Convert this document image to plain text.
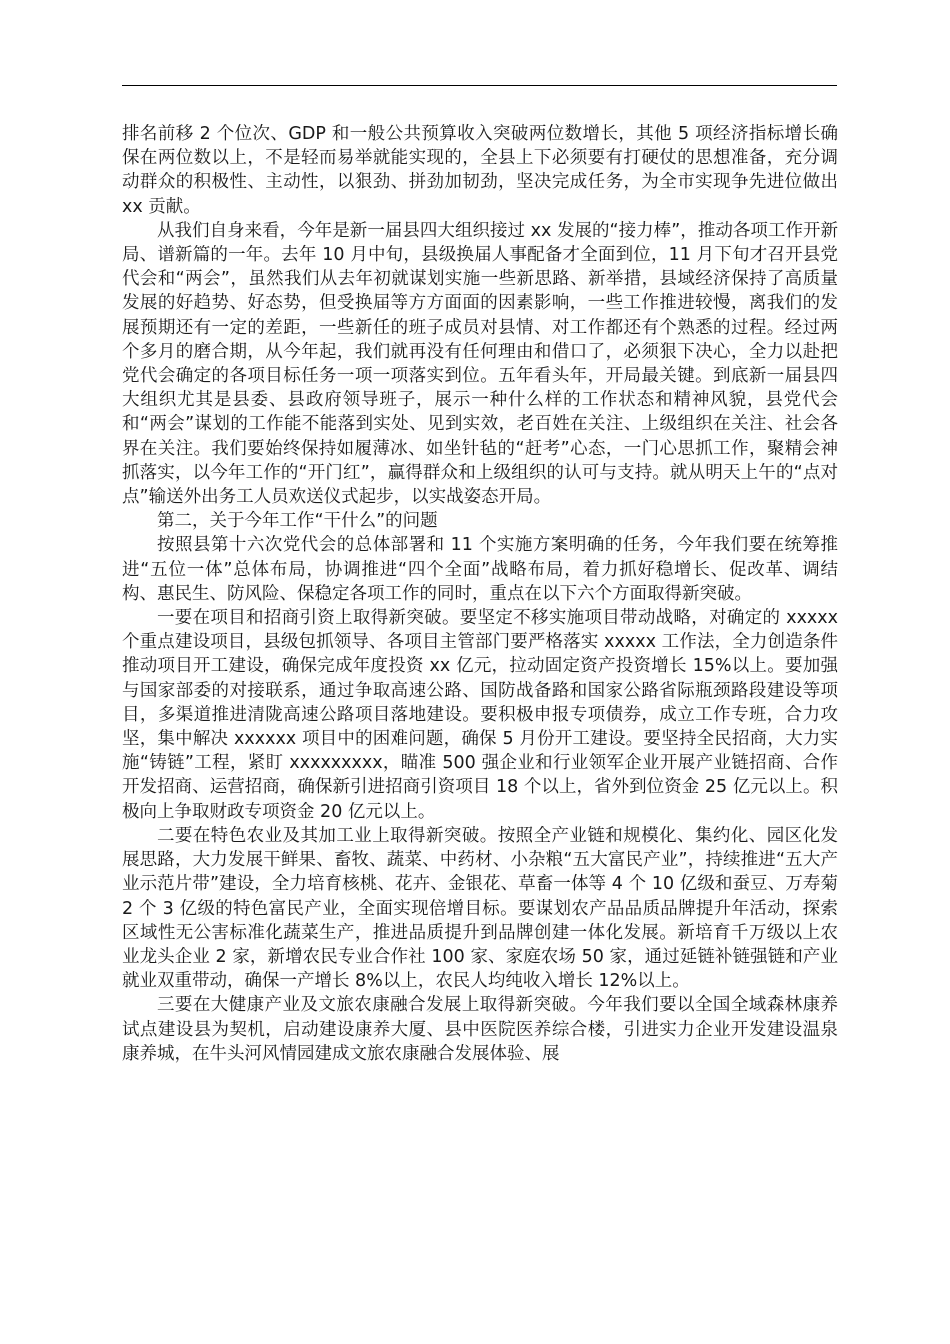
排名前移 2 个位次、GDP 和一般公共预算收入突破两位数增长，其他 5 项经济指标增长确保在两位数以上，不是轻而易举就能实现的，全县上下必须要有打硬仗的思想准备，充分调动群众的积极性、主动性，以狠劲、拼劲加韧劲，坚决完成任务，为全市实现争先进位做出 xx 贡献。

从我们自身来看，今年是新一届县四大组织接过 xx 发展的“接力棒”，推动各项工作开新局、谱新篇的一年。去年 10 月中旬，县级换届人事配备才全面到位，11 月下旬才召开县党代会和“两会”，虽然我们从去年初就谋划实施一些新思路、新举措，县域经济保持了高质量发展的好趋势、好态势，但受换届等方方面面的因素影响，一些工作推进较慢，离我们的发展预期还有一定的差距，一些新任的班子成员对县情、对工作都还有个熟悉的过程。经过两个多月的磨合期，从今年起，我们就再没有任何理由和借口了，必须狠下决心，全力以赴把党代会确定的各项目标任务一项一项落实到位。五年看头年，开局最关键。到底新一届县四大组织尤其是县委、县政府领导班子，展示一种什么样的工作状态和精神风貌，县党代会和“两会”谋划的工作能不能落到实处、见到实效，老百姓在关注、上级组织在关注、社会各界在关注。我们要始终保持如履薄冰、如坐针毡的“赶考”心态，一门心思抓工作，聚精会神抓落实，以今年工作的“开门红”，赢得群众和上级组织的认可与支持。就从明天上午的“点对点”输送外出务工人员欢送仪式起步，以实战姿态开局。

第二，关于今年工作“干什么”的问题

按照县第十六次党代会的总体部署和 11 个实施方案明确的任务，今年我们要在统筹推进“五位一体”总体布局，协调推进“四个全面”战略布局，着力抓好稳增长、促改革、调结构、惠民生、防风险、保稳定各项工作的同时，重点在以下六个方面取得新突破。

一要在项目和招商引资上取得新突破。要坚定不移实施项目带动战略，对确定的 xxxxx 个重点建设项目，县级包抓领导、各项目主管部门要严格落实 xxxxx 工作法，全力创造条件推动项目开工建设，确保完成年度投资 xx 亿元，拉动固定资产投资增长 15%以上。要加强与国家部委的对接联系，通过争取高速公路、国防战备路和国家公路省际瓶颈路段建设等项目，多渠道推进清陇高速公路项目落地建设。要积极申报专项债券，成立工作专班，合力攻坚，集中解决 xxxxxx 项目中的困难问题，确保 5 月份开工建设。要坚持全民招商，大力实施“铸链”工程，紧盯 xxxxxxxxx，瞄准 500 强企业和行业领军企业开展产业链招商、合作开发招商、运营招商，确保新引进招商引资项目 18 个以上，省外到位资金 25 亿元以上。积极向上争取财政专项资金 20 亿元以上。

二要在特色农业及其加工业上取得新突破。按照全产业链和规模化、集约化、园区化发展思路，大力发展干鲜果、畜牧、蔬菜、中药材、小杂粮“五大富民产业”，持续推进“五大产业示范片带”建设，全力培育核桃、花卉、金银花、草畜一体等 4 个 10 亿级和蚕豆、万寿菊 2 个 3 亿级的特色富民产业，全面实现倍增目标。要谋划农产品品质品牌提升年活动，探索区域性无公害标准化蔬菜生产，推进品质提升到品牌创建一体化发展。新培育千万级以上农业龙头企业 2 家，新增农民专业合作社 100 家、家庭农场 50 家，通过延链补链强链和产业就业双重带动，确保一产增长 8%以上，农民人均纯收入增长 12%以上。

三要在大健康产业及文旅农康融合发展上取得新突破。今年我们要以全国全域森林康养试点建设县为契机，启动建设康养大厦、县中医院医养综合楼，引进实力企业开发建设温泉康养城，在牛头河风情园建成文旅农康融合发展体验、展
